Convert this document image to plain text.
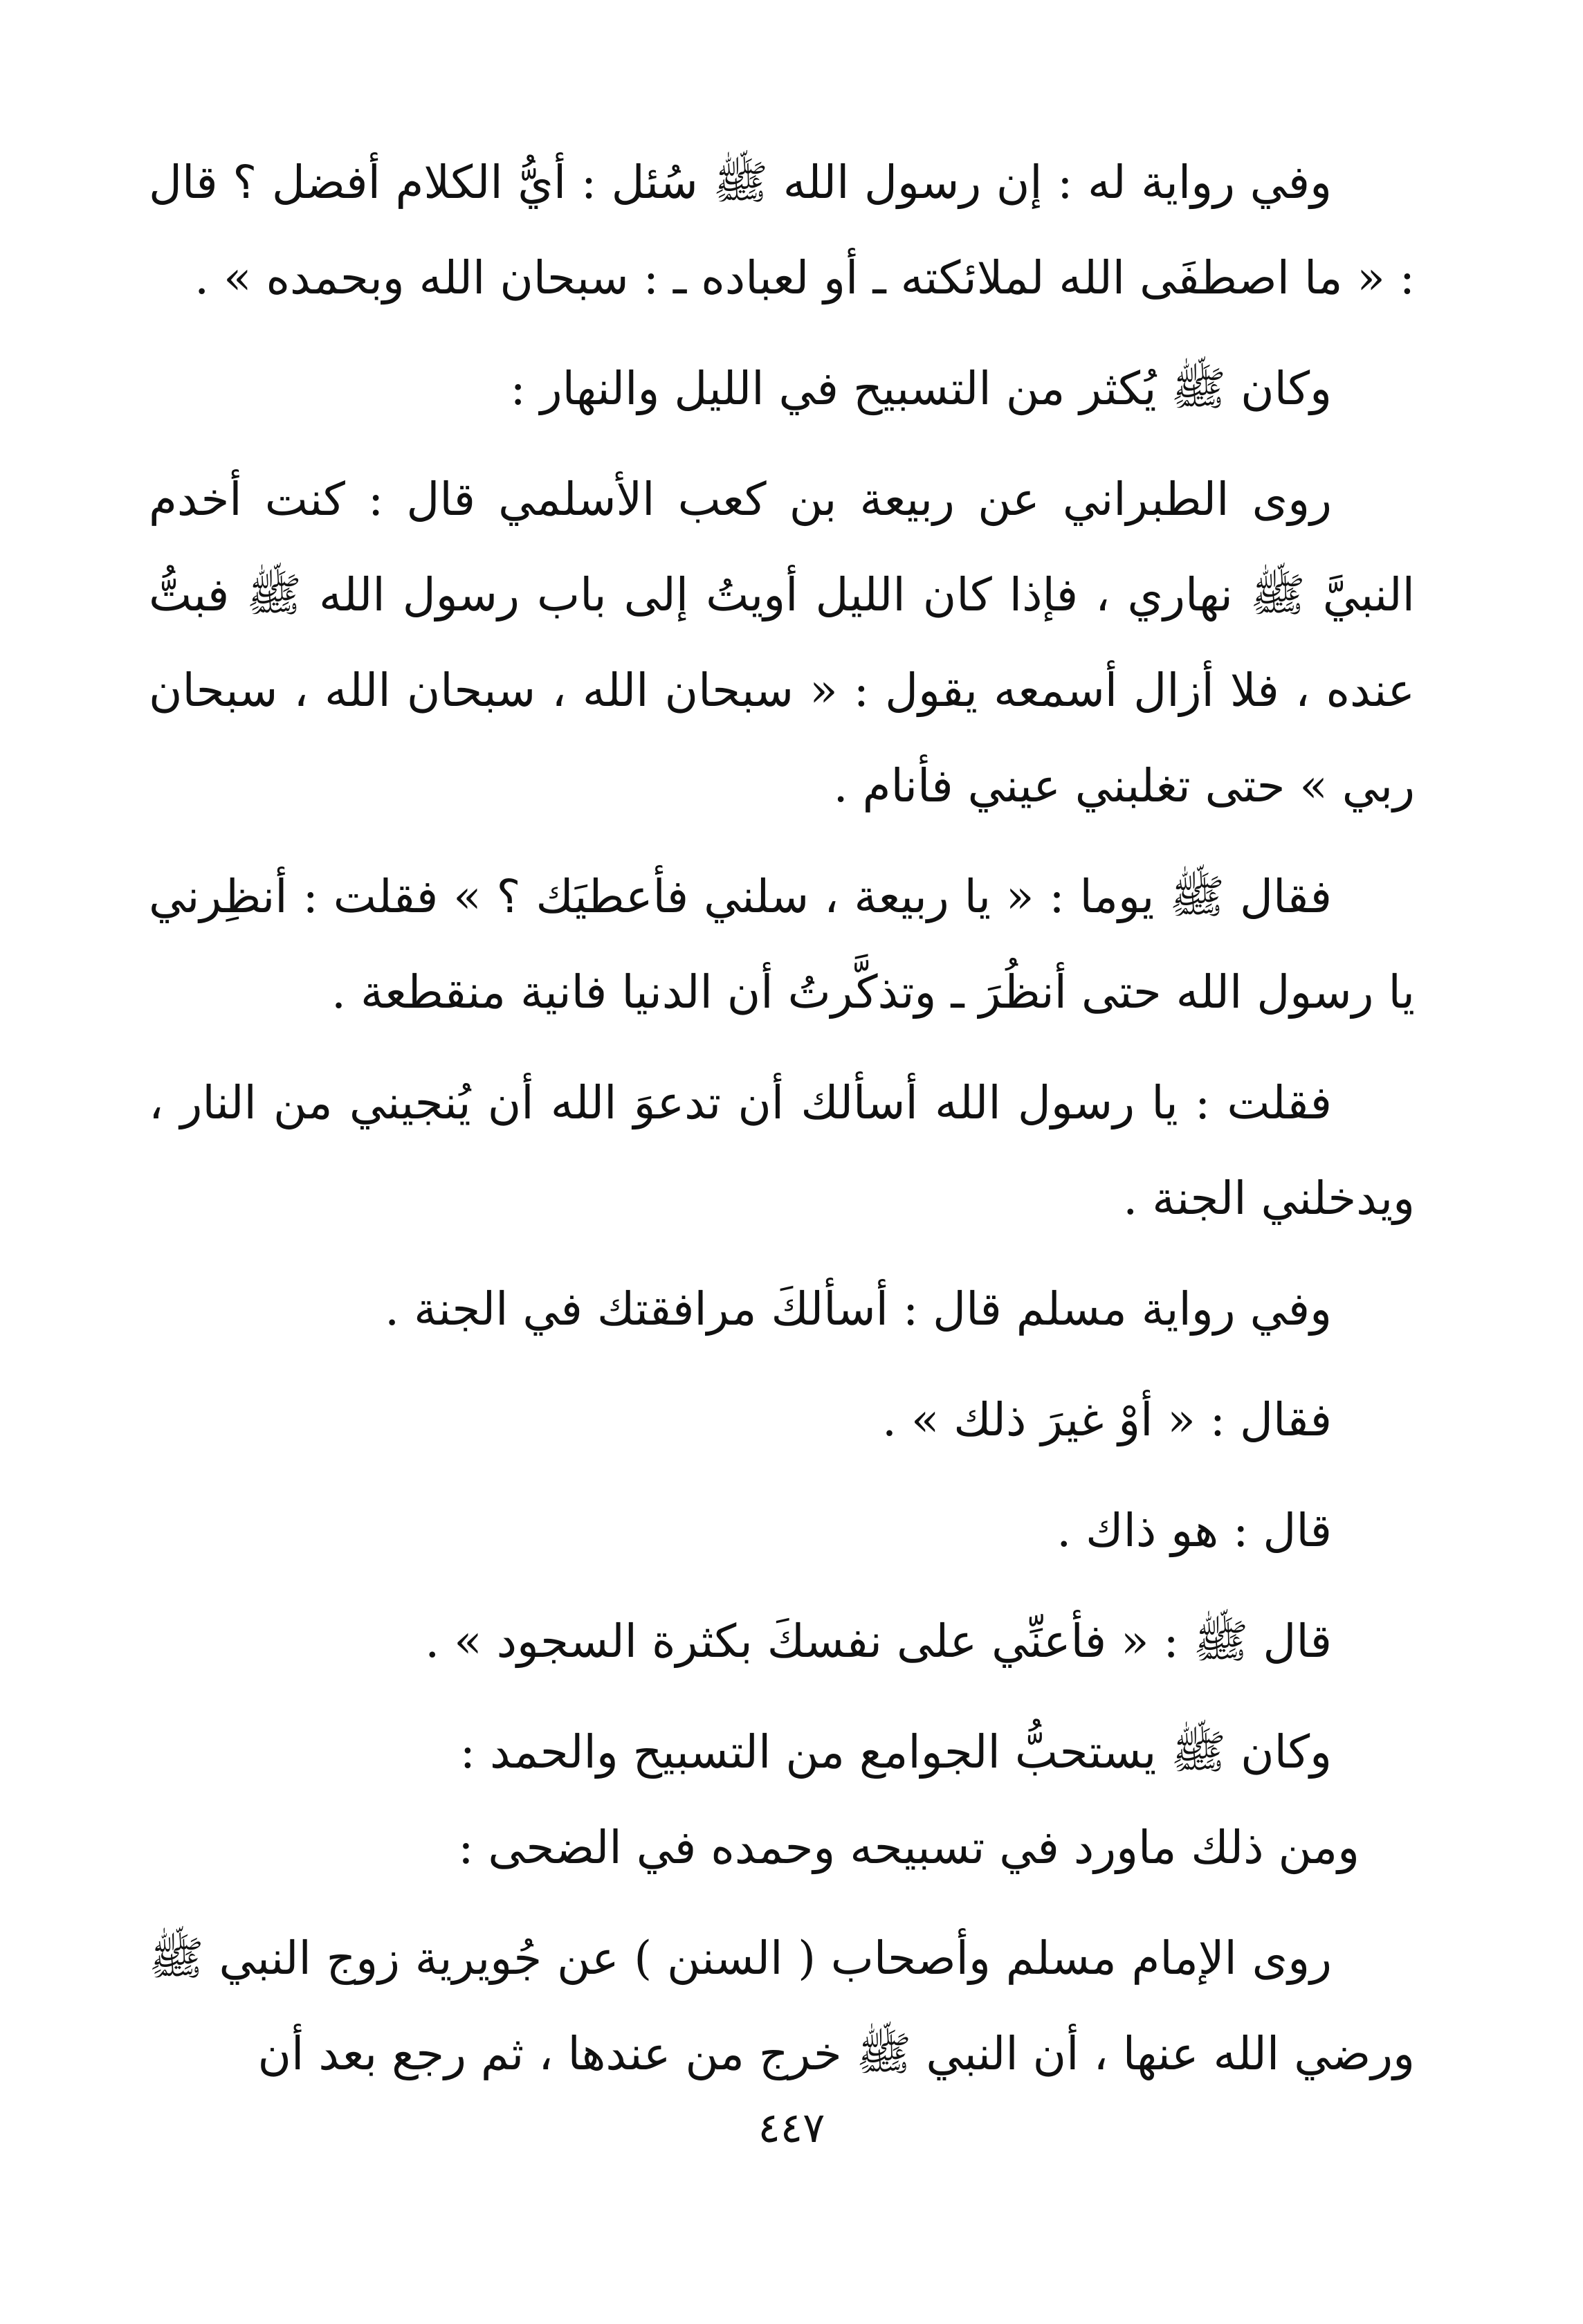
وفي رواية له : إن رسول الله ﷺ سُئل : أيُّ الكلام أفضل ؟ قال : « ما اصطفَى الله لملائكته ـ أو لعباده ـ : سبحان الله وبحمده » .

وكان ﷺ يُكثر من التسبيح في الليل والنهار :

روى الطبراني عن ربيعة بن كعب الأسلمي قال : كنت أخدم النبيَّ ﷺ نهاري ، فإذا كان الليل أويتُ إلى باب رسول الله ﷺ فبتُّ عنده ، فلا أزال أسمعه يقول : « سبحان الله ، سبحان الله ، سبحان ربي » حتى تغلبني عيني فأنام .

فقال ﷺ يوما : « يا ربيعة ، سلني فأعطيَك ؟ » فقلت : أنظِرني يا رسول الله حتى أنظُرَ ـ وتذكَّرتُ أن الدنيا فانية منقطعة .

فقلت : يا رسول الله أسألك أن تدعوَ الله أن يُنجيني من النار ، ويدخلني الجنة .

وفي رواية مسلم قال : أسألكَ مرافقتك في الجنة .

فقال : « أوْ غيرَ ذلك » .

قال : هو ذاك .

قال ﷺ : « فأعنِّي على نفسكَ بكثرة السجود » .

وكان ﷺ يستحبُّ الجوامع من التسبيح والحمد :

ومن ذلك ماورد في تسبيحه وحمده في الضحى :

روى الإمام مسلم وأصحاب ( السنن ) عن جُويرية زوج النبي ﷺ ورضي الله عنها ، أن النبي ﷺ خرج من عندها ، ثم رجع بعد أن

٤٤٧
